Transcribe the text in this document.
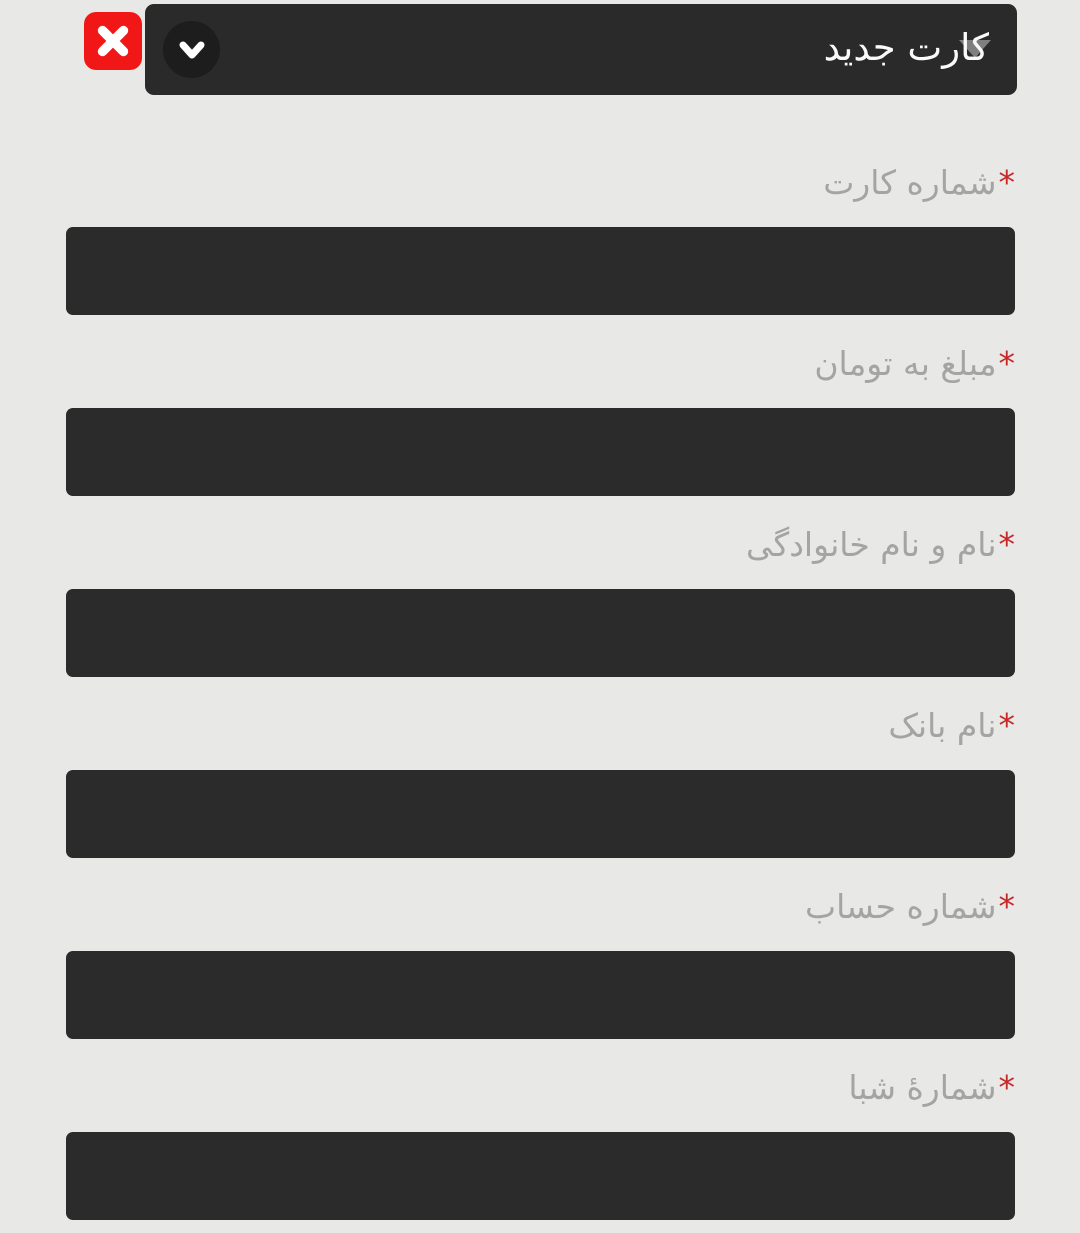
کارت جدید
*شماره کارت
*مبلغ به تومان
*نام و نام خانوادگی
*نام بانک
*شماره حساب
*شمارهٔ شبا
